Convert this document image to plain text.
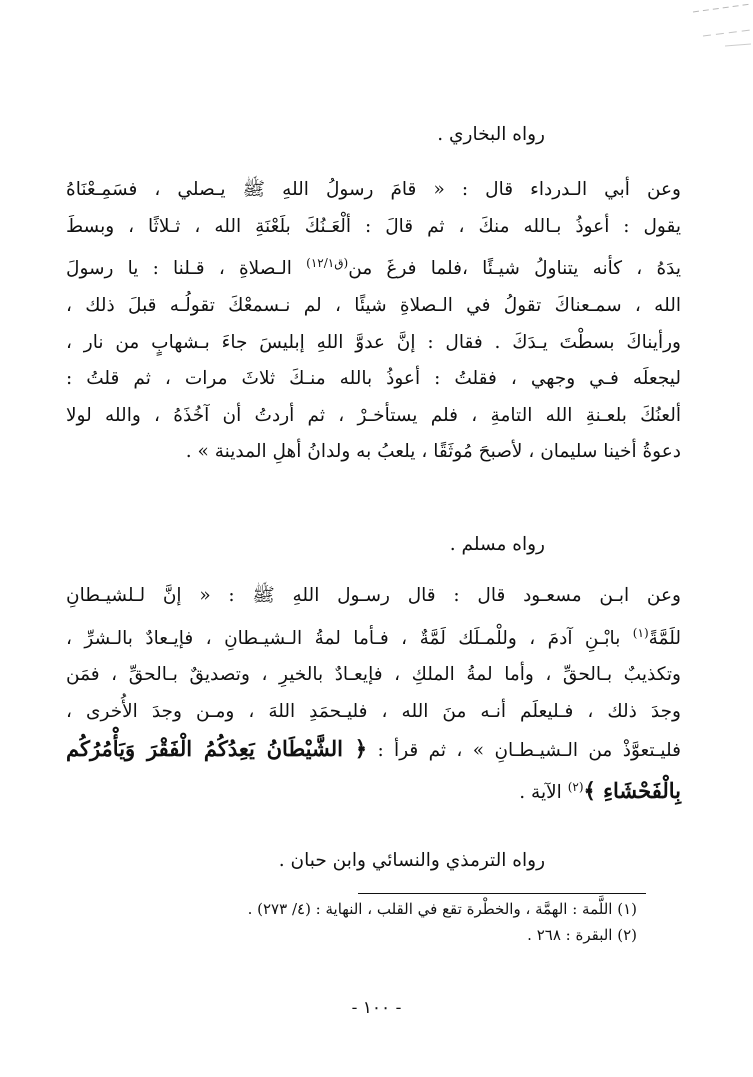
رواه البخاري .
وعن أبي الـدرداء قال : « قامَ رسولُ اللهِ ﷺ يـصلي ، فسَمِـعْنَاهُ
يقول : أعوذُ بـالله منكَ ، ثم قالَ : ألْعَـنُكَ بلَعْنَةِ الله ، ثـلاثًا ، وبسطَ
يدَهُ ، كأنه يتناولُ شيـئًا ،فلما فرغَ من$^{(ق١٢/١)}$ الـصلاةِ ، قـلنا : يا رسولَ
الله ، سمـعناكَ تقولُ في الـصلاةِ شيئًا ، لم نـسمعْكَ تقولُـه قبلَ ذلك ،
ورأيناكَ بسطْتَ يـدَكَ . فقال : إنَّ عدوَّ اللهِ إبليسَ جاءَ بـشهابٍ من نار ،
ليجعلَه فـي وجهي ، فقلتُ : أعوذُ بالله منـكَ ثلاثَ مرات ، ثم قلتُ :
ألعنُكَ بلعـنةِ الله التامةِ ، فلم يستأخـرْ ، ثم أردتُ أن آخُذَهُ ، والله لولا
دعوةُ أخينا سليمان ، لأصبحَ مُوثَقًا ، يلعبُ به ولدانُ أهلِ المدينة » .
رواه مسلم .
وعن ابـن مسعـود قال : قال رسـول اللهِ ﷺ : « إنَّ لـلشيـطانِ
للَمَّةً$^{(١)}$ بابْـنِ آدمَ ، وللْمـلَك لَمَّةٌ ، فـأما لمةُ الـشيـطانِ ، فإيـعادٌ بالـشرِّ ،
وتكذيبٌ بـالحقِّ ، وأما لمةُ الملكِ ، فإيعـادٌ بالخيرِ ، وتصديقٌ بـالحقِّ ، فمَن
وجدَ ذلك ، فـليعلَم أنـه منَ الله ، فليـحمَدِ اللهَ ، ومـن وجدَ الأُخرى ،
فليـتعوَّذْ من الـشيـطـانِ » ، ثم قرأ : ﴿ الشَّيْطَانُ يَعِدُكُمُ الْفَقْرَ وَيَأْمُرُكُم
بِالْفَحْشَاءِ ﴾$^{(٢)}$ الآية .
رواه الترمذي والنسائي وابن حبان .
(١) اللَّمة : الهمَّة ، والخطْرة تقع في القلب ، النهاية : (٤/ ٢٧٣) .
(٢) البقرة : ٢٦٨ .
- ١٠٠ -
